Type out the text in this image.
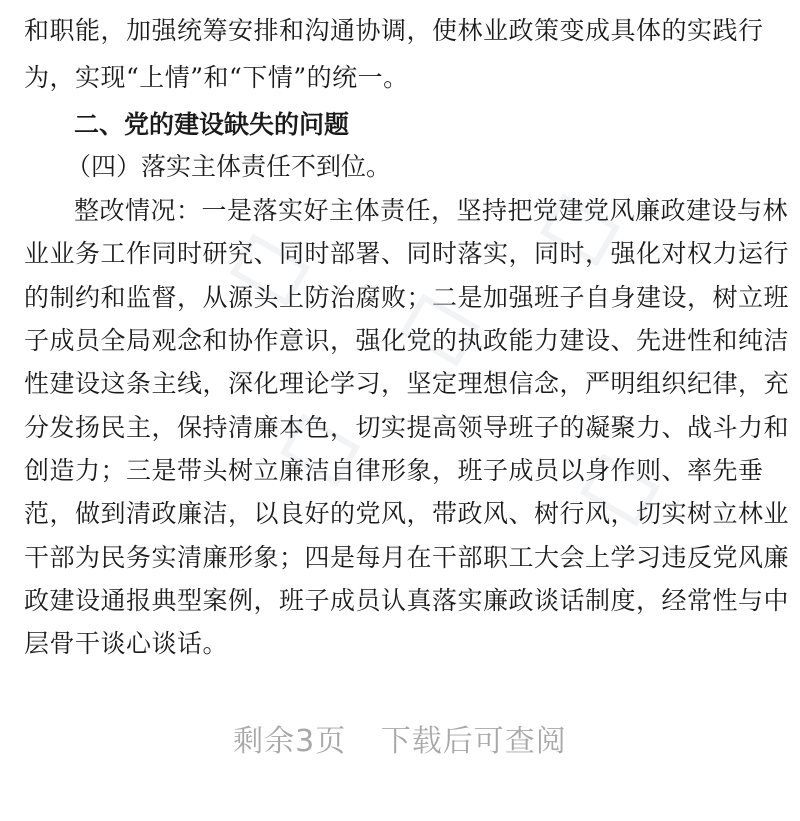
和职能，加强统筹安排和沟通协调，使林业政策变成具体的实践行
为，实现“上情”和“下情”的统一。
二、党的建设缺失的问题
（四）落实主体责任不到位。
整改情况：一是落实好主体责任，坚持把党建党风廉政建设与林
业业务工作同时研究、同时部署、同时落实，同时，强化对权力运行
的制约和监督，从源头上防治腐败；二是加强班子自身建设，树立班
子成员全局观念和协作意识，强化党的执政能力建设、先进性和纯洁
性建设这条主线，深化理论学习，坚定理想信念，严明组织纪律，充
分发扬民主，保持清廉本色，切实提高领导班子的凝聚力、战斗力和
创造力；三是带头树立廉洁自律形象，班子成员以身作则、率先垂
范，做到清政廉洁，以良好的党风，带政风、树行风，切实树立林业
干部为民务实清廉形象；四是每月在干部职工大会上学习违反党风廉
政建设通报典型案例，班子成员认真落实廉政谈话制度，经常性与中
层骨干谈心谈话。
剩余3页 下载后可查阅
